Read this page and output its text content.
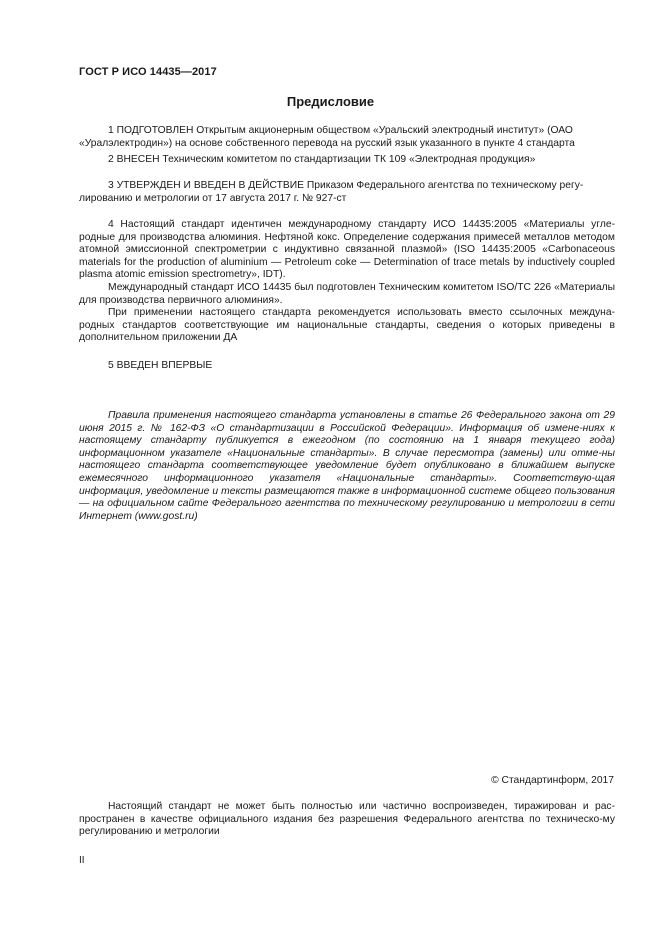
ГОСТ Р ИСО 14435—2017
Предисловие

1 ПОДГОТОВЛЕН Открытым акционерным обществом «Уральский электродный институт» (ОАО

«Уралэлектродин») на основе собственного перевода на русский язык указанного в пункте 4 стандарта

2 ВНЕСЕН Техническим комитетом по стандартизации ТК 109 «Электродная продукция»

3 УТВЕРЖДЕН И ВВЕДЕН В ДЕЙСТВИЕ Приказом Федерального агентства по техническому регу-

лированию и метрологии от 17 августа 2017 г. № 927-ст

4 Настоящий стандарт идентичен международному стандарту ИСО 14435:2005 «Материалы угле-родные для производства алюминия. Нефтяной кокс. Определение содержания примесей металлов методом атомной эмиссионной спектрометрии с индуктивно связанной плазмой» (ISO 14435:2005 «Carbonaceous materials for the production of aluminium — Petroleum coke — Determination of trace metals by inductively coupled plasma atomic emission spectrometry», IDT).

Международный стандарт ИСО 14435 был подготовлен Техническим комитетом ISO/TC 226 «Материалы для производства первичного алюминия».

При применении настоящего стандарта рекомендуется использовать вместо ссылочных междуна-родных стандартов соответствующие им национальные стандарты, сведения о которых приведены в дополнительном приложении ДА

5 ВВЕДЕН ВПЕРВЫЕ

Правила применения настоящего стандарта установлены в статье 26 Федерального закона от 29 июня 2015 г. № 162-ФЗ «О стандартизации в Российской Федерации». Информация об измене-ниях к настоящему стандарту публикуется в ежегодном (по состоянию на 1 января текущего года) информационном указателе «Национальные стандарты». В случае пересмотра (замены) или отме-ны настоящего стандарта соответствующее уведомление будет опубликовано в ближайшем выпуске ежемесячного информационного указателя «Национальные стандарты». Соответствую-щая информация, уведомление и тексты размещаются также в информационной системе общего пользования — на официальном сайте Федерального агентства по техническому регулированию и метрологии в сети Интернет (www.gost.ru)

© Стандартинформ, 2017

Настоящий стандарт не может быть полностью или частично воспроизведен, тиражирован и рас-пространен в качестве официального издания без разрешения Федерального агентства по техническо-му регулированию и метрологии

II
